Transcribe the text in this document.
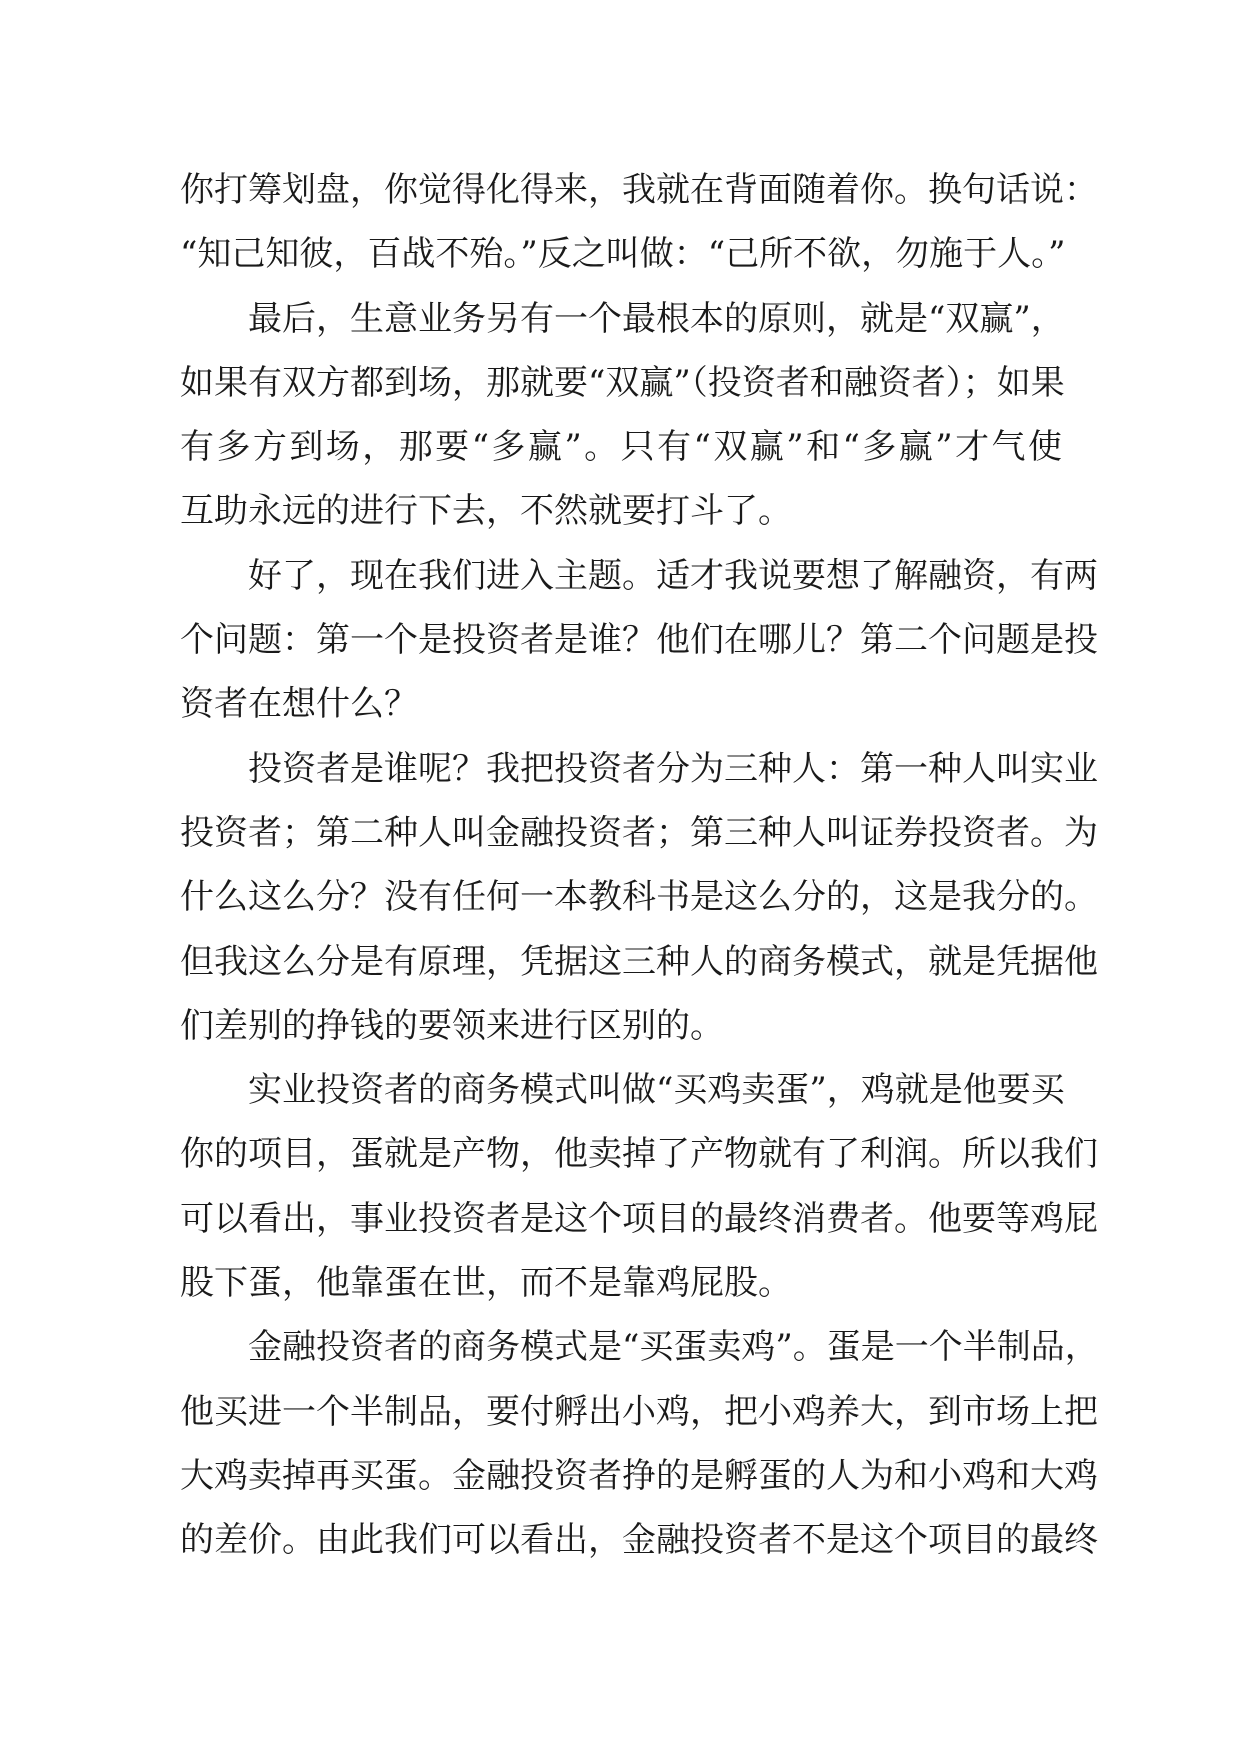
你打筹划盘，你觉得化得来，我就在背面随着你。换句话说：
“知己知彼，百战不殆。”反之叫做：“己所不欲，勿施于人。”
最后，生意业务另有一个最根本的原则，就是“双赢”，
如果有双方都到场，那就要“双赢”（投资者和融资者）；如果
有多方到场，那要“多赢”。只有“双赢”和“多赢”才气使
互助永远的进行下去，不然就要打斗了。
好了，现在我们进入主题。适才我说要想了解融资，有两
个问题：第一个是投资者是谁？他们在哪儿？第二个问题是投
资者在想什么？
投资者是谁呢？我把投资者分为三种人：第一种人叫实业
投资者；第二种人叫金融投资者；第三种人叫证券投资者。为
什么这么分？没有任何一本教科书是这么分的，这是我分的。
但我这么分是有原理，凭据这三种人的商务模式，就是凭据他
们差别的挣钱的要领来进行区别的。
实业投资者的商务模式叫做“买鸡卖蛋”，鸡就是他要买
你的项目，蛋就是产物，他卖掉了产物就有了利润。所以我们
可以看出，事业投资者是这个项目的最终消费者。他要等鸡屁
股下蛋，他靠蛋在世，而不是靠鸡屁股。
金融投资者的商务模式是“买蛋卖鸡”。蛋是一个半制品，
他买进一个半制品，要付孵出小鸡，把小鸡养大，到市场上把
大鸡卖掉再买蛋。金融投资者挣的是孵蛋的人为和小鸡和大鸡
的差价。由此我们可以看出，金融投资者不是这个项目的最终
